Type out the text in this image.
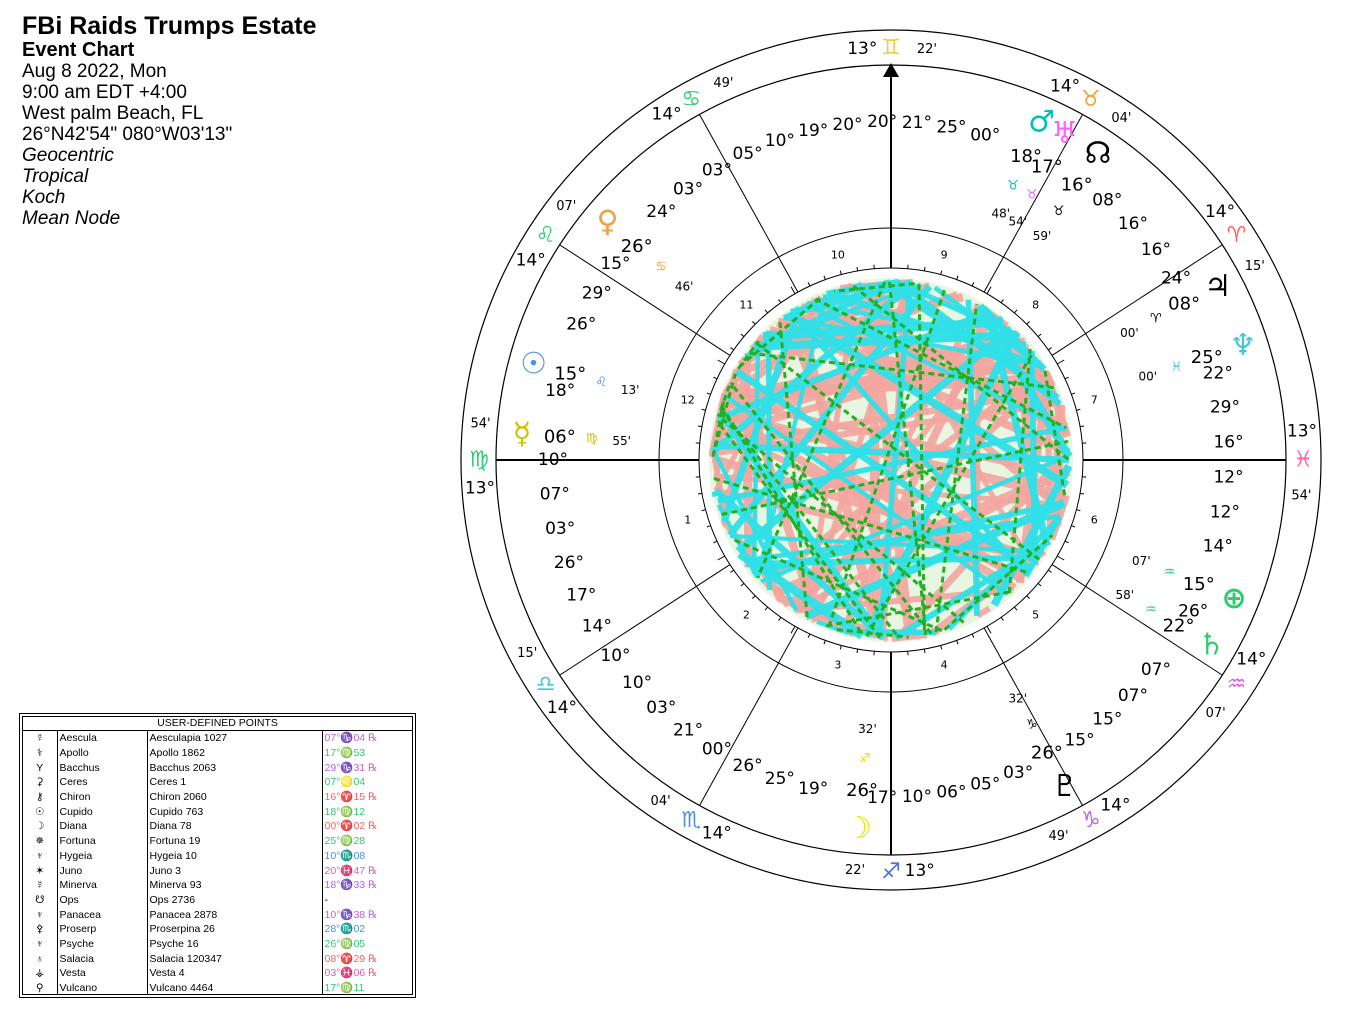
FBi Raids Trumps Estate
Event Chart
Aug 8 2022, Mon
9:00 am EDT +4:00
West palm Beach, FL
26°N42'54" 080°W03'13"
Geocentric
Tropical
Koch
Mean Node
USER-DEFINED POINTS
☿	Aescula	Aesculapia 1027	07°♑04 ℞
⚕	Apollo	Apollo 1862	17°♍53
Y	Bacchus	Bacchus 2063	29°♑31 ℞
⚳	Ceres	Ceres 1	07°♌04
⚷	Chiron	Chiron 2060	16°♈15 ℞
☉	Cupido	Cupido 763	18°♍12
☽	Diana	Diana 78	00°♈02 ℞
✵	Fortuna	Fortuna 19	25°♍28
♆	Hygeia	Hygeia 10	10°♏08
✶	Juno	Juno 3	20°♓47 ℞
☿	Minerva	Minerva 93	18°♑33 ℞
☋	Ops	Ops 2736	-
♆	Panacea	Panacea 2878	10°♑38 ℞
⚴	Proserp	Proserpina 26	28°♏02
♆	Psyche	Psyche 16	26°♍05
♁	Salacia	Salacia 120347	08°♈29 ℞
⚶	Vesta	Vesta 4	03°♓06 ℞
⚲	Vulcano	Vulcano 4464	17°♍11
1
2
3	4
5
6
7
8
9
10
11
12
13°
♍
54'
14°
♎
15'
14°
♏
04'
13°
♐
22'
14°
♑
49'
14°
♒
07'
13°
♓
54'
14°
♈
15'
14°
♉
04'
13° ♊ 22'
14°
♋
49'
14°
♌
07' ♀
26°
♋
46'
☉ 15° ♌
13'
♂
18°
♉
48'
♅
17°
♉
54'
♆
25°
♓
00'
♇
26°
♑
32'
☽
26°
♐
32'
♃
08°
♈
00'
♄
22°
♒
58'
☿ 06° ♍ 55'
☊
16°
♉
59'
⊕
15°
♒
07'
16°
29°
22°
24°
16°
16°
08°
00°
25°
21°
20°
20°
19°
10°
05°
03°
03°
24°
15°
29°
26°
18°
10°
07°
03°
26°
17°
14°
10°
10°
03°
21°
00°
26°
25° 19° 17° 10° 06° 05°
03°
15°
15°
07°
07°
26°
14°
12°
12°
